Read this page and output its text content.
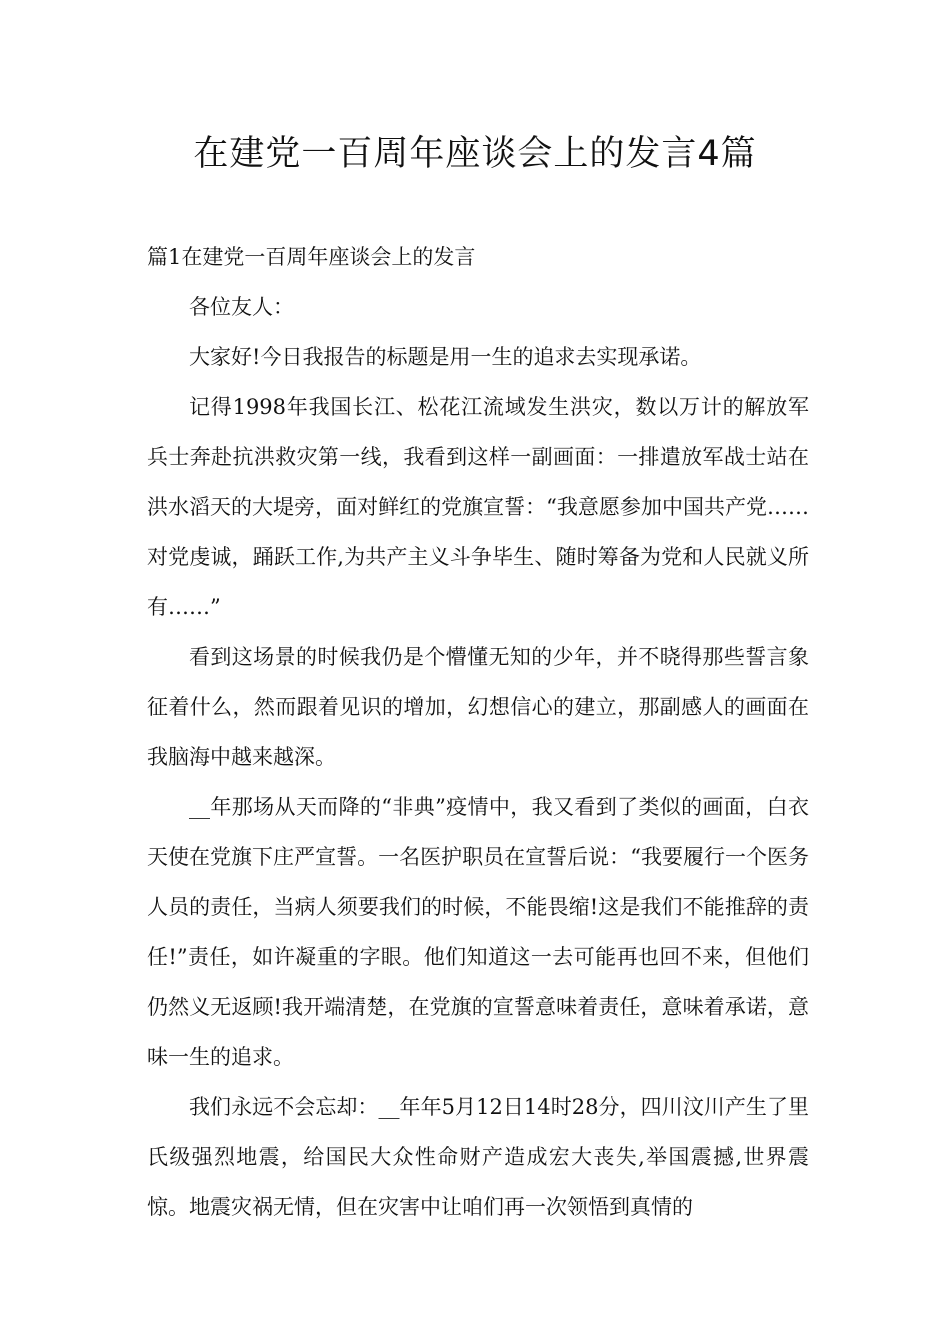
在建党一百周年座谈会上的发言4篇

篇1在建党一百周年座谈会上的发言

各位友人：

大家好!今日我报告的标题是用一生的追求去实现承诺。

记得1998年我国长江、松花江流域发生洪灾，数以万计的解放军兵士奔赴抗洪救灾第一线，我看到这样一副画面：一排遣放军战士站在洪水滔天的大堤旁，面对鲜红的党旗宣誓：“我意愿参加中国共产党……对党虔诚，踊跃工作,为共产主义斗争毕生、随时筹备为党和人民就义所有……”

看到这场景的时候我仍是个懵懂无知的少年，并不晓得那些誓言象征着什么，然而跟着见识的增加，幻想信心的建立，那副感人的画面在我脑海中越来越深。

__年那场从天而降的“非典”疫情中，我又看到了类似的画面，白衣天使在党旗下庄严宣誓。一名医护职员在宣誓后说：“我要履行一个医务人员的责任，当病人须要我们的时候，不能畏缩!这是我们不能推辞的责任!”责任，如许凝重的字眼。他们知道这一去可能再也回不来，但他们仍然义无返顾!我开端清楚，在党旗的宣誓意味着责任，意味着承诺，意味一生的追求。

我们永远不会忘却：__年年5月12日14时28分，四川汶川产生了里氏级强烈地震，给国民大众性命财产造成宏大丧失,举国震撼,世界震惊。地震灾祸无情，但在灾害中让咱们再一次领悟到真情的
